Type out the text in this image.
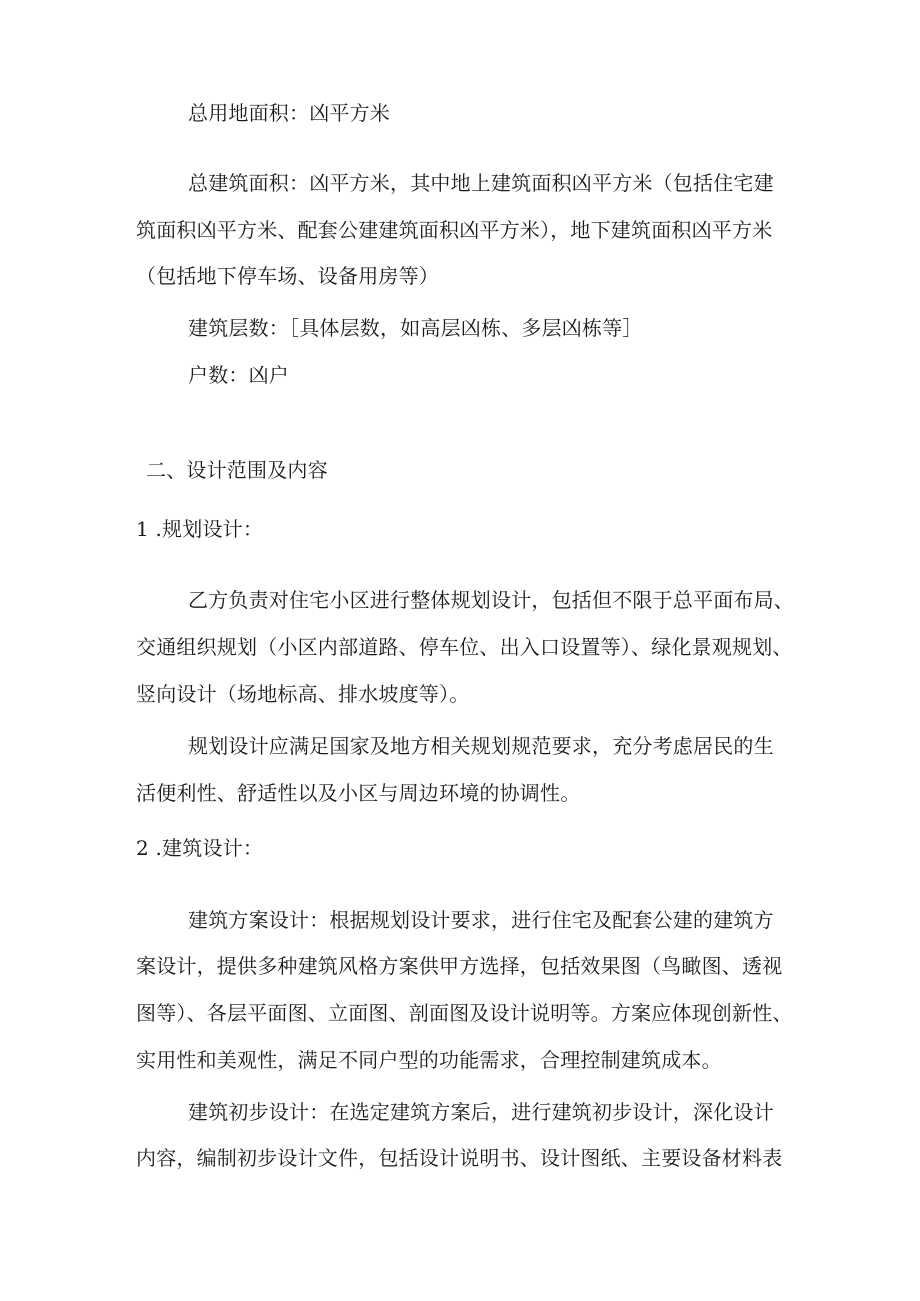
总用地面积：凶平方米

总建筑面积：凶平方米，其中地上建筑面积凶平方米（包括住宅建

筑面积凶平方米、配套公建建筑面积凶平方米），地下建筑面积凶平方米

（包括地下停车场、设备用房等）

建筑层数：［具体层数，如高层凶栋、多层凶栋等］

户数：凶户

二、设计范围及内容

1 .规划设计：

乙方负责对住宅小区进行整体规划设计，包括但不限于总平面布局、

交通组织规划（小区内部道路、停车位、出入口设置等）、绿化景观规划、

竖向设计（场地标高、排水坡度等）。

规划设计应满足国家及地方相关规划规范要求，充分考虑居民的生

活便利性、舒适性以及小区与周边环境的协调性。

2 .建筑设计：

建筑方案设计：根据规划设计要求，进行住宅及配套公建的建筑方

案设计，提供多种建筑风格方案供甲方选择，包括效果图（鸟瞰图、透视

图等）、各层平面图、立面图、剖面图及设计说明等。方案应体现创新性、

实用性和美观性，满足不同户型的功能需求，合理控制建筑成本。

建筑初步设计：在选定建筑方案后，进行建筑初步设计，深化设计

内容，编制初步设计文件，包括设计说明书、设计图纸、主要设备材料表
